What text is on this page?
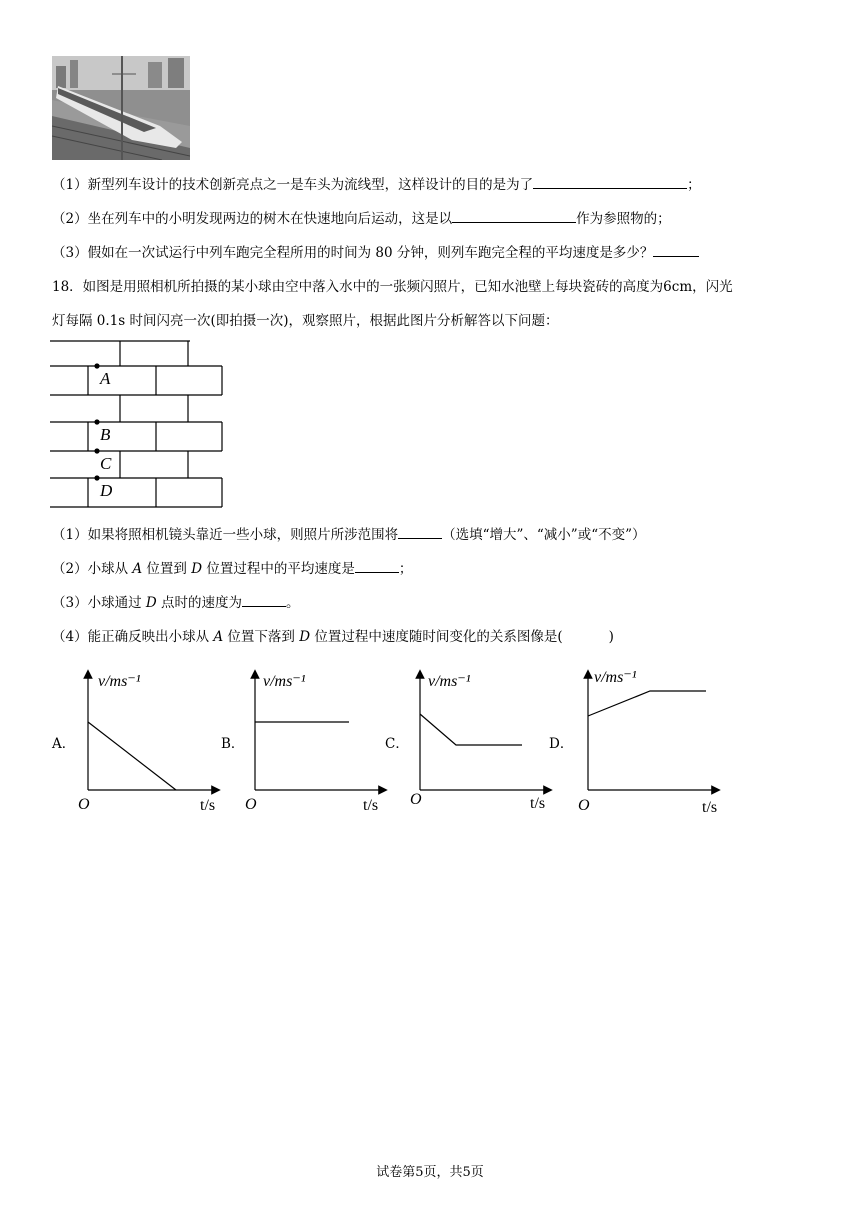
（1）新型列车设计的技术创新亮点之一是车头为流线型，这样设计的目的是为了	；
（2）坐在列车中的小明发现两边的树木在快速地向后运动，这是以	作为参照物的；
（3）假如在一次试运行中列车跑完全程所用的时间为 80 分钟，则列车跑完全程的平均速度是多少？
18．如图是用照相机所拍摄的某小球由空中落入水中的一张频闪照片，已知水池壁上每块瓷砖的高度为6cm，闪光
灯每隔 0.1s 时间闪亮一次(即拍摄一次)，观察照片，根据此图片分析解答以下问题：
A
B
C
D
（1）如果将照相机镜头靠近一些小球，则照片所涉范围将	（选填“增大”、“减小”或“不变”）
（2）小球从 A 位置到 D 位置过程中的平均速度是	；
（3）小球通过 D 点时的速度为	。
（4）能正确反映出小球从 A 位置下落到 D 位置过程中速度随时间变化的关系图像是(	)
A．	B．	C．	D．
v/ms⁻¹
O	t/s
v/ms⁻¹
O	t/s
v/ms⁻¹
O	t/s
v/ms⁻¹
O	t/s
试卷第5页，共5页
